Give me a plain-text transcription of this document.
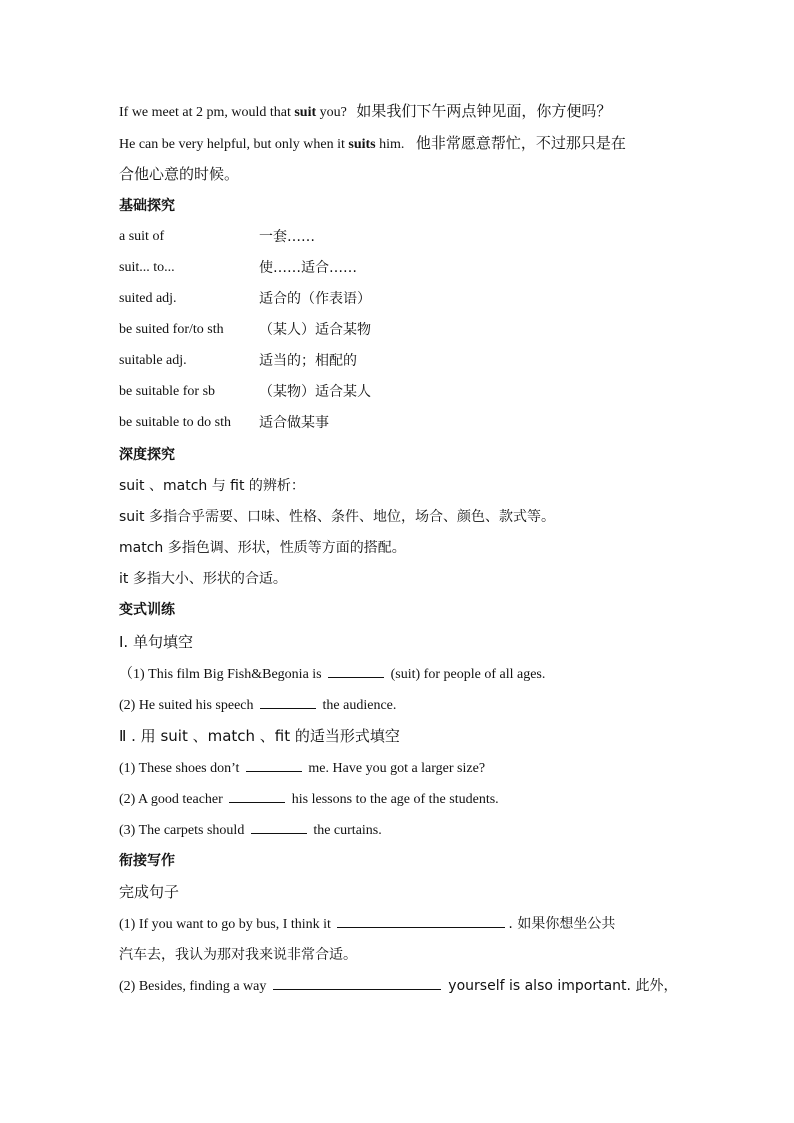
If we meet at 2 pm, would that suit you? 如果我们下午两点钟见面，你方便吗？
He can be very helpful, but only when it suits him. 他非常愿意帮忙，不过那只是在
合他心意的时候。
基础探究
a suit of	一套……
suit... to...	使……适合……
suited adj.	适合的（作表语）
be suited for/to sth	（某人）适合某物
suitable adj.	适当的；相配的
be suitable for sb	（某物）适合某人
be suitable to do sth 适合做某事
深度探究
suit 、match 与 fit 的辨析：
suit 多指合乎需要、口味、性格、条件、地位，场合、颜色、款式等。
match 多指色调、形状，性质等方面的搭配。
it 多指大小、形状的合适。
变式训练
I. 单句填空
（1) This film Big Fish&Begonia is	(suit) for people of all ages.
(2) He suited his speech	the audience.
Ⅱ . 用 suit 、match 、fit 的适当形式填空
(1) These shoes don’t	me. Have you got a larger size?
(2) A good teacher	his lessons to the age of the students.
(3) The carpets should	the curtains.
衔接写作
完成句子
(1) If you want to go by bus, I think it	. 如果你想坐公共
汽车去，我认为那对我来说非常合适。
(2) Besides, finding a way	yourself is also important. 此外，
